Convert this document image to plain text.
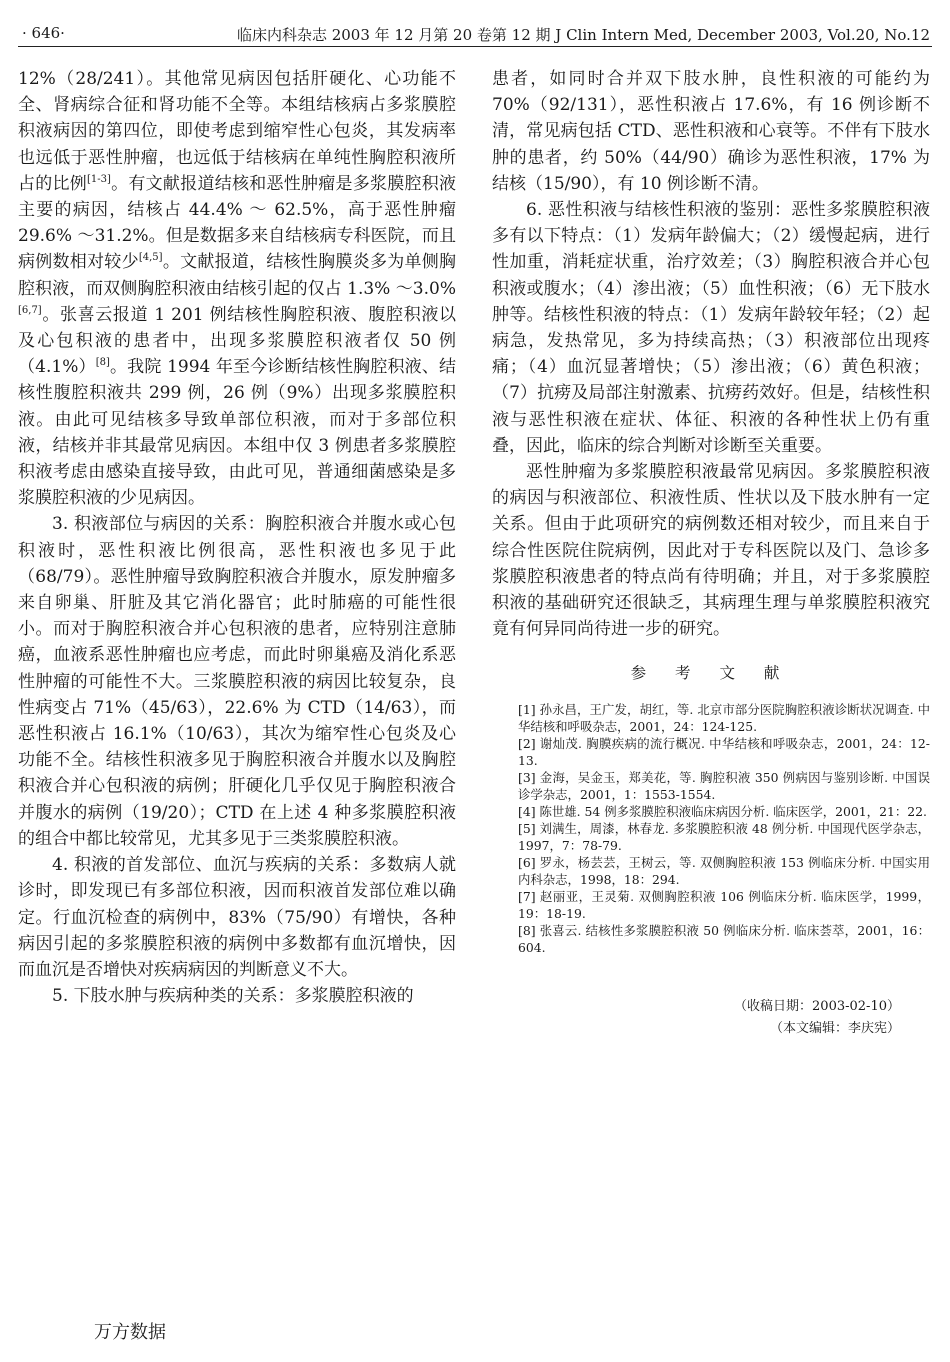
· 646·	临床内科杂志 2003 年 12 月第 20 卷第 12 期 J Clin Intern Med, December 2003, Vol.20, No.12

12%（28/241）。其他常见病因包括肝硬化、心功能不全、肾病综合征和肾功能不全等。本组结核病占多浆膜腔积液病因的第四位，即使考虑到缩窄性心包炎，其发病率也远低于恶性肿瘤，也远低于结核病在单纯性胸腔积液所占的比例[1-3]。有文献报道结核和恶性肿瘤是多浆膜腔积液主要的病因，结核占 44.4% ～ 62.5%，高于恶性肿瘤 29.6% ～31.2%。但是数据多来自结核病专科医院，而且病例数相对较少[4,5]。文献报道，结核性胸膜炎多为单侧胸腔积液，而双侧胸腔积液由结核引起的仅占 1.3% ～3.0%[6,7]。张喜云报道 1 201 例结核性胸腔积液、腹腔积液以及心包积液的患者中，出现多浆膜腔积液者仅 50 例（4.1%）[8]。我院 1994 年至今诊断结核性胸腔积液、结核性腹腔积液共 299 例，26 例（9%）出现多浆膜腔积液。由此可见结核多导致单部位积液，而对于多部位积液，结核并非其最常见病因。本组中仅 3 例患者多浆膜腔积液考虑由感染直接导致，由此可见，普通细菌感染是多浆膜腔积液的少见病因。

3. 积液部位与病因的关系：胸腔积液合并腹水或心包积液时，恶性积液比例很高，恶性积液也多见于此（68/79）。恶性肿瘤导致胸腔积液合并腹水，原发肿瘤多来自卵巢、肝脏及其它消化器官；此时肺癌的可能性很小。而对于胸腔积液合并心包积液的患者，应特别注意肺癌，血液系恶性肿瘤也应考虑，而此时卵巢癌及消化系恶性肿瘤的可能性不大。三浆膜腔积液的病因比较复杂，良性病变占 71%（45/63），22.6% 为 CTD（14/63），而恶性积液占 16.1%（10/63），其次为缩窄性心包炎及心功能不全。结核性积液多见于胸腔积液合并腹水以及胸腔积液合并心包积液的病例；肝硬化几乎仅见于胸腔积液合并腹水的病例（19/20）；CTD 在上述 4 种多浆膜腔积液的组合中都比较常见，尤其多见于三类浆膜腔积液。

4. 积液的首发部位、血沉与疾病的关系：多数病人就诊时，即发现已有多部位积液，因而积液首发部位难以确定。行血沉检查的病例中，83%（75/90）有增快，各种病因引起的多浆膜腔积液的病例中多数都有血沉增快，因而血沉是否增快对疾病病因的判断意义不大。

5. 下肢水肿与疾病种类的关系：多浆膜腔积液的

患者，如同时合并双下肢水肿，良性积液的可能约为 70%（92/131），恶性积液占 17.6%，有 16 例诊断不清，常见病包括 CTD、恶性积液和心衰等。不伴有下肢水肿的患者，约 50%（44/90）确诊为恶性积液，17% 为结核（15/90），有 10 例诊断不清。

6. 恶性积液与结核性积液的鉴别：恶性多浆膜腔积液多有以下特点：（1）发病年龄偏大；（2）缓慢起病，进行性加重，消耗症状重，治疗效差；（3）胸腔积液合并心包积液或腹水；（4）渗出液；（5）血性积液；（6）无下肢水肿等。结核性积液的特点：（1）发病年龄较年轻；（2）起病急，发热常见，多为持续高热；（3）积液部位出现疼痛；（4）血沉显著增快；（5）渗出液；（6）黄色积液；（7）抗痨及局部注射激素、抗痨药效好。但是，结核性积液与恶性积液在症状、体征、积液的各种性状上仍有重叠，因此，临床的综合判断对诊断至关重要。

恶性肿瘤为多浆膜腔积液最常见病因。多浆膜腔积液的病因与积液部位、积液性质、性状以及下肢水肿有一定关系。但由于此项研究的病例数还相对较少，而且来自于综合性医院住院病例，因此对于专科医院以及门、急诊多浆膜腔积液患者的特点尚有待明确；并且，对于多浆膜腔积液的基础研究还很缺乏，其病理生理与单浆膜腔积液究竟有何异同尚待进一步的研究。

参 考 文 献

[1] 孙永昌，王广发，胡红，等. 北京市部分医院胸腔积液诊断状况调查. 中华结核和呼吸杂志，2001，24：124-125.

[2] 谢灿茂. 胸膜疾病的流行概况. 中华结核和呼吸杂志，2001，24：12-13.

[3] 金海，吴金玉，郑美花，等. 胸腔积液 350 例病因与鉴别诊断. 中国误诊学杂志，2001，1：1553-1554.

[4] 陈世雄. 54 例多浆膜腔积液临床病因分析. 临床医学，2001，21：22.

[5] 刘满生，周漆，林春龙. 多浆膜腔积液 48 例分析. 中国现代医学杂志，1997，7：78-79.

[6] 罗永，杨芸芸，王树云，等. 双侧胸腔积液 153 例临床分析. 中国实用内科杂志，1998，18：294.

[7] 赵丽亚，王灵菊. 双侧胸腔积液 106 例临床分析. 临床医学，1999，19：18-19.

[8] 张喜云. 结核性多浆膜腔积液 50 例临床分析. 临床荟萃，2001，16：604.

（收稿日期：2003-02-10）
（本文编辑：李庆宪）
万方数据
